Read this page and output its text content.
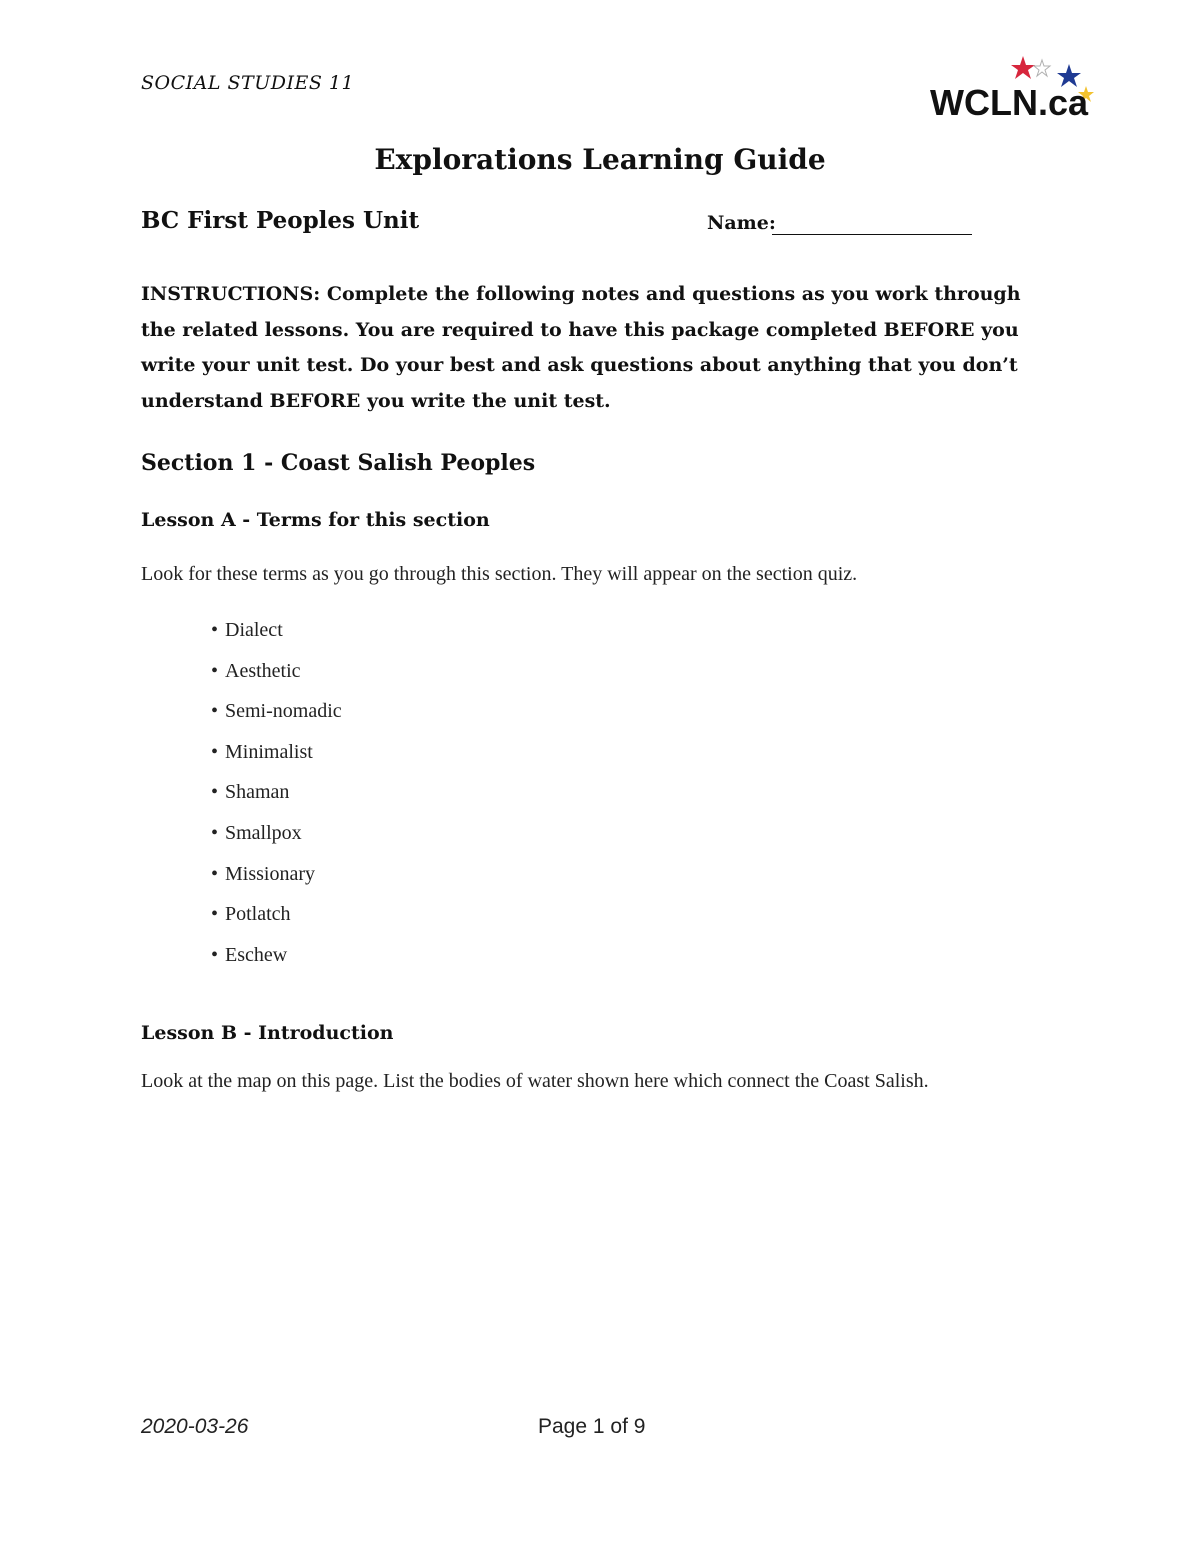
SOCIAL STUDIES 11	WCLN.ca
Explorations Learning Guide
BC First Peoples Unit	Name:
INSTRUCTIONS: Complete the following notes and questions as you work through the related lessons. You are required to have this package completed BEFORE you write your unit test. Do your best and ask questions about anything that you don’t understand BEFORE you write the unit test.
Section 1 - Coast Salish Peoples
Lesson A - Terms for this section
Look for these terms as you go through this section. They will appear on the section quiz.
• Dialect
• Aesthetic
• Semi-nomadic
• Minimalist
• Shaman
• Smallpox
• Missionary
• Potlatch
• Eschew
Lesson B - Introduction
Look at the map on this page. List the bodies of water shown here which connect the Coast Salish.
2020-03-26	Page 1 of 9
